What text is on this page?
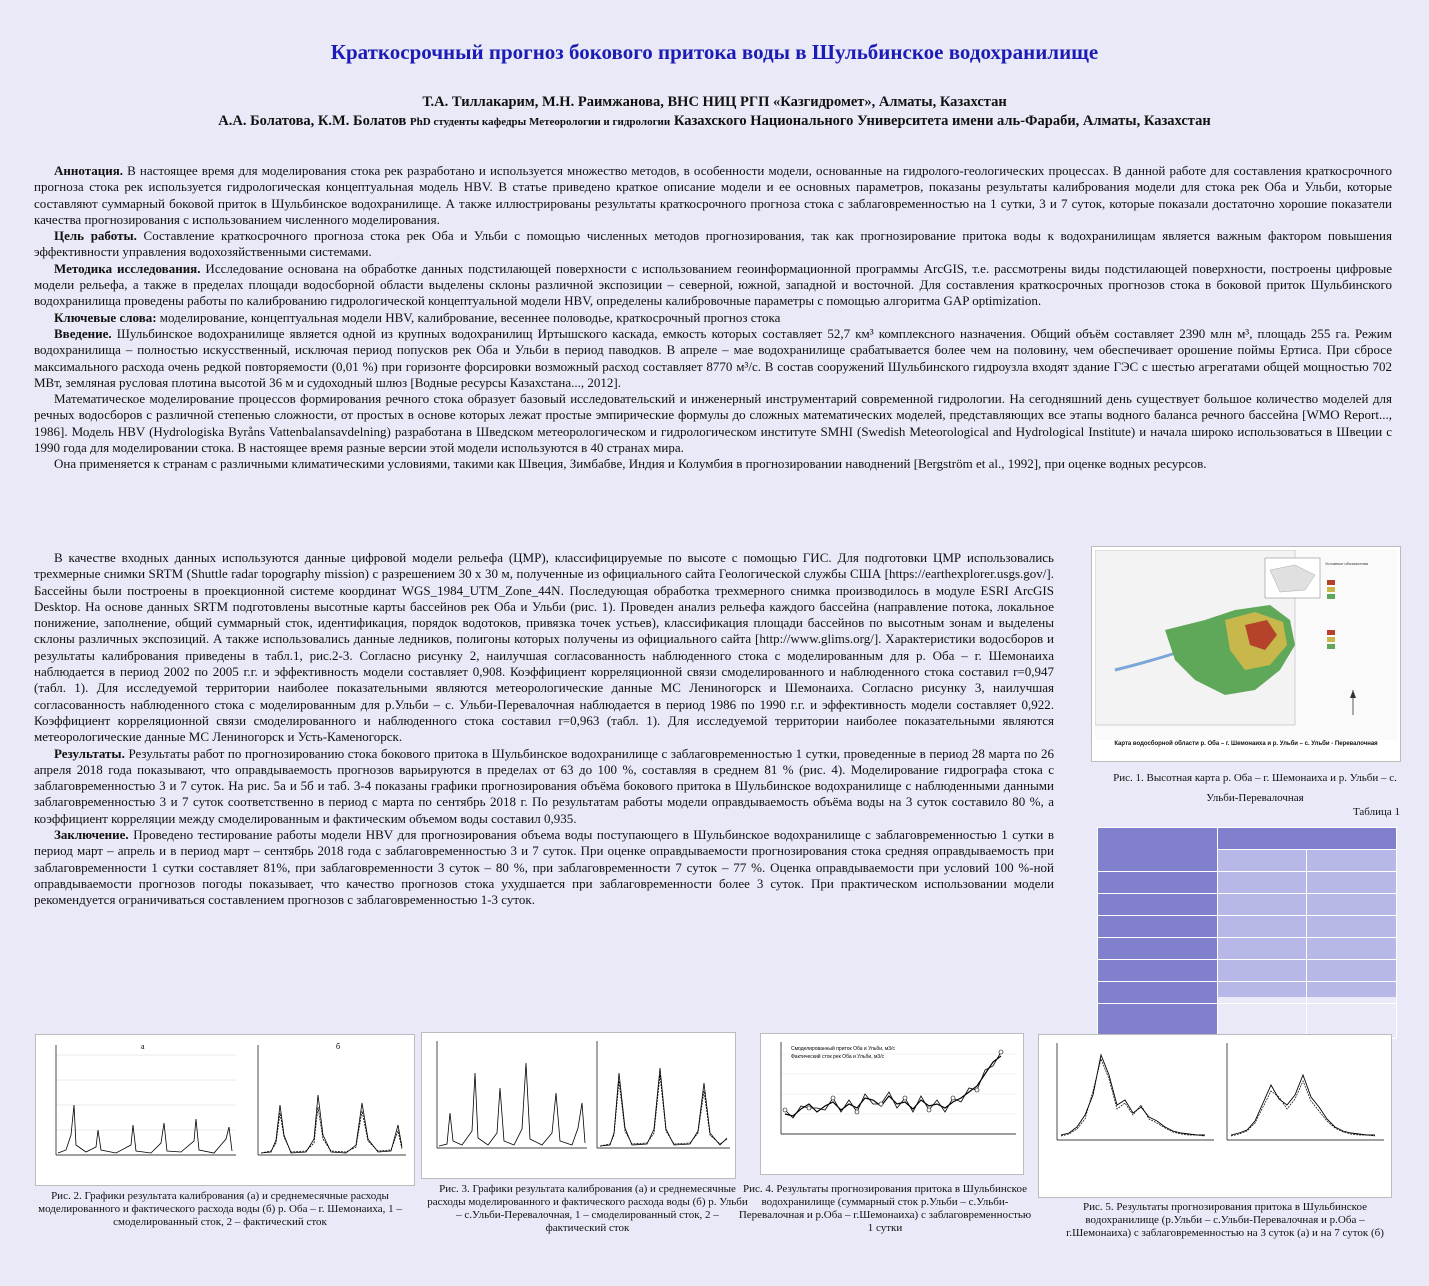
Краткосрочный прогноз бокового притока воды в Шульбинское водохранилище
Т.А. Тиллакарим, М.Н. Раимжанова, ВНС НИЦ РГП «Казгидромет», Алматы, Казахстан
А.А. Болатова, К.М. Болатов PhD студенты кафедры Метеорологии и гидрологии Казахского Национального Университета имени аль-Фараби, Алматы, Казахстан

Аннотация. В настоящее время для моделирования стока рек разработано и используется множество методов, в особенности модели, основанные на гидролого-геологических процессах. В данной работе для составления краткосрочного прогноза стока рек используется гидрологическая концептуальная модель HBV. В статье приведено краткое описание модели и ее основных параметров, показаны результаты калибрования модели для стока рек Оба и Ульби, которые составляют суммарный боковой приток в Шульбинское водохранилище. А также иллюстрированы результаты краткосрочного прогноза стока с заблаговременностью на 1 сутки, 3 и 7 суток, которые показали достаточно хорошие показатели качества прогнозирования с использованием численного моделирования.

Цель работы. Составление краткосрочного прогноза стока рек Оба и Ульби с помощью численных методов прогнозирования, так как прогнозирование притока воды к водохранилищам является важным фактором повышения эффективности управления водохозяйственными системами.

Методика исследования. Исследование основана на обработке данных подстилающей поверхности с использованием геоинформационной программы ArcGIS, т.е. рассмотрены виды подстилающей поверхности, построены цифровые модели рельефа, а также в пределах площади водосборной области выделены склоны различной экспозиции – северной, южной, западной и восточной. Для составления краткосрочных прогнозов стока в боковой приток Шульбинского водохранилища проведены работы по калиброванию гидрологической концептуальной модели HBV, определены калибровочные параметры с помощью алгоритма GAP optimization.

Ключевые слова: моделирование, концептуальная модели HBV, калибрование, весеннее половодье, краткосрочный прогноз стока

Введение. Шульбинское водохранилище является одной из крупных водохранилищ Иртышского каскада, емкость которых составляет 52,7 км³ комплексного назначения. Общий объём составляет 2390 млн м³, площадь 255 га. Режим водохранилища – полностью искусственный, исключая период попусков рек Оба и Ульби в период паводков. В апреле – мае водохранилище срабатывается более чем на половину, чем обеспечивает орошение поймы Ертиса. При сбросе максимального расхода очень редкой повторяемости (0,01 %) при горизонте форсировки возможный расход составляет 8770 м³/с. В состав сооружений Шульбинского гидроузла входят здание ГЭС с шестью агрегатами общей мощностью 702 МВт, земляная русловая плотина высотой 36 м и судоходный шлюз [Водные ресурсы Казахстана..., 2012].

Математическое моделирование процессов формирования речного стока образует базовый исследовательский и инженерный инструментарий современной гидрологии. На сегодняшний день существует большое количество моделей для речных водосборов с различной степенью сложности, от простых в основе которых лежат простые эмпирические формулы до сложных математических моделей, представляющих все этапы водного баланса речного бассейна [WMO Report..., 1986]. Модель HBV (Hydrologiska Byråns Vattenbalansavdelning) разработана в Шведском метеорологическом и гидрологическом институте SMHI (Swedish Meteorological and Hydrological Institute) и начала широко использоваться в Швеции с 1990 года для моделировании стока. В настоящее время разные версии этой модели используются в 40 странах мира.

Она применяется к странам с различными климатическими условиями, такими как Швеция, Зимбабве, Индия и Колумбия в прогнозировании наводнений [Bergström et al., 1992], при оценке водных ресурсов.

В качестве входных данных используются данные цифровой модели рельефа (ЦМР), классифицируемые по высоте с помощью ГИС. Для подготовки ЦМР использовались трехмерные снимки SRTM (Shuttle radar topography mission) с разрешением 30 x 30 м, полученные из официального сайта Геологической службы США [https://earthexplorer.usgs.gov/]. Бассейны были построены в проекционной системе координат WGS_1984_UTM_Zone_44N. Последующая обработка трехмерного снимка производилось в модуле ESRI ArcGIS Desktop. На основе данных SRTM подготовлены высотные карты бассейнов рек Оба и Ульби (рис. 1). Проведен анализ рельефа каждого бассейна (направление потока, локальное понижение, заполнение, общий суммарный сток, идентификация, порядок водотоков, привязка точек устьев), классификация площади бассейнов по высотным зонам и выделены склоны различных экспозиций. А также использовались данные ледников, полигоны которых получены из официального сайта [http://www.glims.org/]. Характеристики водосборов и результаты калибрования приведены в табл.1, рис.2-3. Согласно рисунку 2, наилучшая согласованность наблюденного стока с моделированным для р. Оба – г. Шемонаиха наблюдается в период 2002 по 2005 г.г. и эффективность модели составляет 0,908. Коэффициент корреляционной связи смоделированного и наблюденного стока составил r=0,947 (табл. 1). Для исследуемой территории наиболее показательными являются метеорологические данные МС Лениногорск и Шемонаиха. Согласно рисунку 3, наилучшая согласованность наблюденного стока с моделированным для р.Ульби – с. Ульби-Перевалочная наблюдается в период 1986 по 1990 г.г. и эффективность модели составляет 0,922. Коэффициент корреляционной связи смоделированного и наблюденного стока составил r=0,963 (табл. 1). Для исследуемой территории наиболее показательными являются метеорологические данные МС Лениногорск и Усть-Каменогорск.

Результаты. Результаты работ по прогнозированию стока бокового притока в Шульбинское водохранилище с заблаговременностью 1 сутки, проведенные в период 28 марта по 26 апреля 2018 года показывают, что оправдываемость прогнозов варьируются в пределах от 63 до 100 %, составляя в среднем 81 % (рис. 4). Моделирование гидрографа стока с заблаговременностью 3 и 7 суток. На рис. 5а и 5б и таб. 3-4 показаны графики прогнозирования объёма бокового притока в Шульбинское водохранилище с наблюденными данными заблаговременностью 3 и 7 суток соответственно в период с марта по сентябрь 2018 г. По результатам работы модели оправдываемость объёма воды на 3 суток составило 80 %, а коэффициент корреляции между смоделированным и фактическим объемом воды составил 0,935.

Заключение. Проведено тестирование работы модели HBV для прогнозирования объема воды поступающего в Шульбинское водохранилище с заблаговременностью 1 сутки в период март – апрель и в период март – сентябрь 2018 года с заблаговременностью 3 и 7 суток. При оценке оправдываемости прогнозирования стока средняя оправдываемость при заблаговременности 1 сутки составляет 81%, при заблаговременности 3 суток – 80 %, при заблаговременности 7 суток – 77 %. Оценка оправдываемости при условий 100 %-ной оправдываемости прогнозов погоды показывает, что качество прогнозов стока ухудшается при заблаговременности более 3 суток. При практическом использовании модели рекомендуется ограничиваться составлением прогнозов с заблаговременностью 1-3 суток.

Условные обозначения
Карта водосборной области р. Оба – г. Шемонаиха и р. Ульби – с. Ульби - Перевалочная
Рис. 1. Высотная карта р. Оба – г. Шемонаиха и р. Ульби – с. Ульби-Перевалочная
Таблица 1

а	б
Рис. 2. Графики результата калибрования (а) и среднемесячные расходы моделированного и фактического расхода воды (б) р. Оба – г. Шемонаиха, 1 – смоделированный сток, 2 – фактический сток
Рис. 3. Графики результата калибрования (а) и среднемесячные расходы моделированного и фактического расхода воды (б) р. Ульби – с.Ульби-Перевалочная, 1 – смоделированный сток, 2 – фактический сток
Смоделированный приток Оба и Ульби, м3/с
Фактический сток рек Оба и Ульби, м3/с
Рис. 4. Результаты прогнозирования притока в Шульбинское водохранилище (суммарный сток р.Ульби – с.Ульби-Перевалочная и р.Оба – г.Шемонаиха) с заблаговременностью 1 сутки
Рис. 5. Результаты прогнозирования притока в Шульбинское водохранилище (р.Ульби – с.Ульби-Перевалочная и р.Оба – г.Шемонаиха) с заблаговременностью на 3 суток (а) и на 7 суток (б)
